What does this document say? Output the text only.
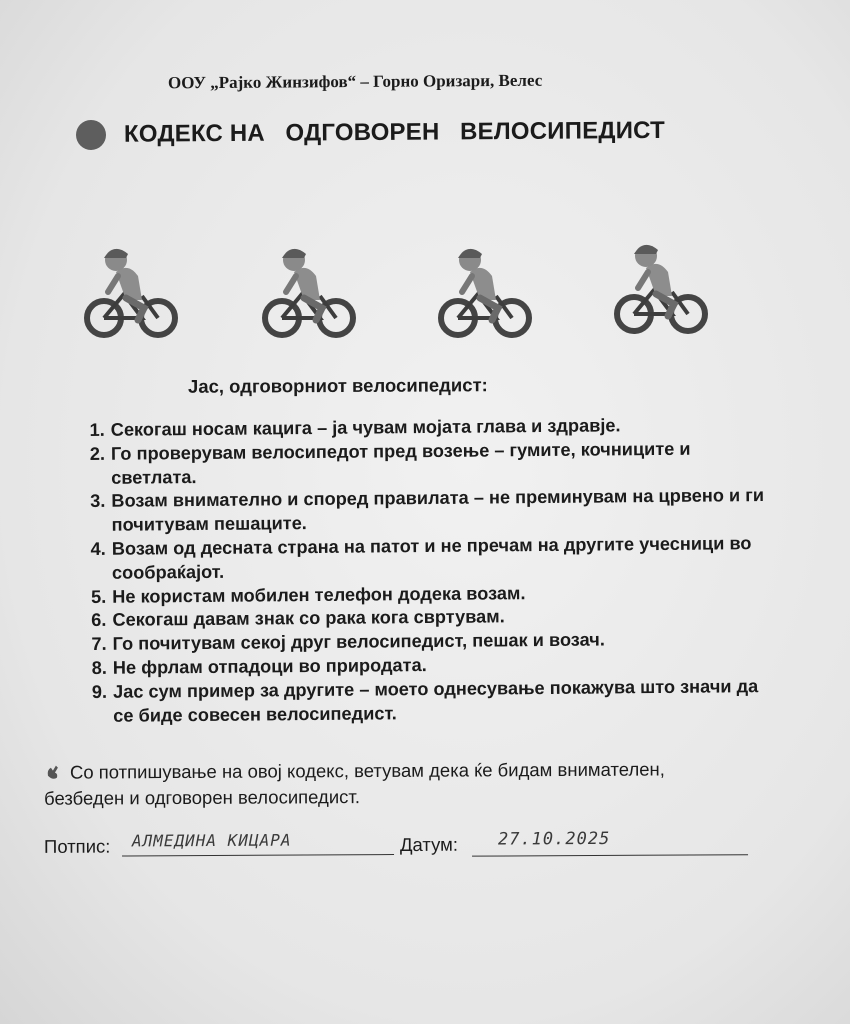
ООУ „Рајко Жинзифов“ – Горно Оризари, Велес
КОДЕКС НА   ОДГОВОРЕН   ВЕЛОСИПЕДИСТ
Јас, одговорниот велосипедист:
1. Секогаш носам кацига – ја чувам мојата глава и здравје.
2. Го проверувам велосипедот пред возење – гумите, кочниците и светлата.
3. Возам внимателно и според правилата – не преминувам на црвено и ги почитувам пешаците.
4. Возам од десната страна на патот и не пречам на другите учесници во сообраќајот.
5. Не користам мобилен телефон додека возам.
6. Секогаш давам знак со рака кога свртувам.
7. Го почитувам секој друг велосипедист, пешак и возач.
8. Не фрлам отпадоци во природата.
9. Јас сум пример за другите – моето однесување покажува што значи да се биде совесен велосипедист.
Со потпишување на овој кодекс, ветувам дека ќе бидам внимателен, безбеден и одговорен велосипедист.
Потпис: АЛМЕДИНА КИЦАРА	Датум: 27.10.2025
